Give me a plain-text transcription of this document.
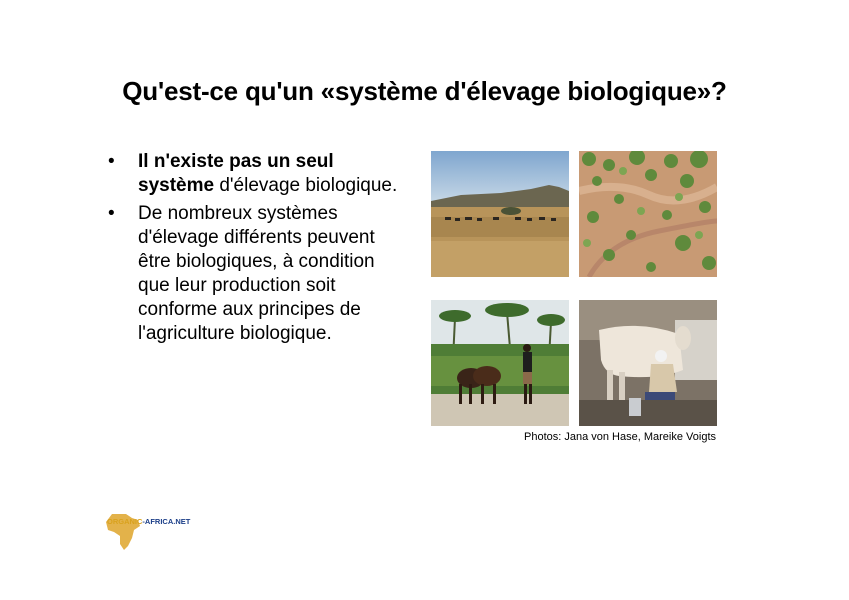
Qu'est-ce qu'un «système d'élevage biologique»?
• Il n'existe pas un seul système d'élevage biologique.
• De nombreux systèmes d'élevage différents peuvent être biologiques, à condition que leur production soit conforme aux principes de l'agriculture biologique.
Photos: Jana von Hase, Mareike Voigts
ORGANIC-AFRICA.NET
